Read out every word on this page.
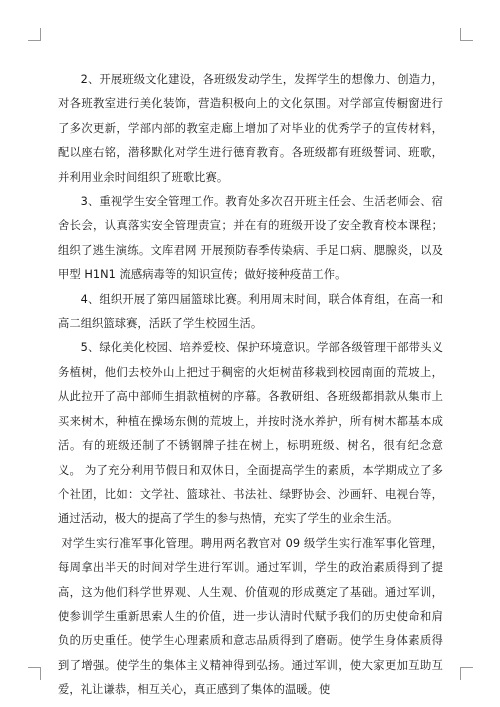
2、开展班级文化建设，各班级发动学生，发挥学生的想像力、创造力，对各班教室进行美化装饰，营造积极向上的文化氛围。对学部宣传橱窗进行了多次更新，学部内部的教室走廊上增加了对毕业的优秀学子的宣传材料，配以座右铭，潜移默化对学生进行德育教育。各班级都有班级誓词、班歌，并利用业余时间组织了班歌比赛。

3、重视学生安全管理工作。教育处多次召开班主任会、生活老师会、宿舍长会，认真落实安全管理责宣；并在有的班级开设了安全教育校本课程；组织了逃生演练。文库君网 开展预防春季传染病、手足口病、腮腺炎，以及甲型 H1N1 流感病毒等的知识宣传；做好接种疫苗工作。

4、组织开展了第四届篮球比赛。利用周末时间，联合体育组，在高一和高二组织篮球赛，活跃了学生校园生活。

5、绿化美化校园、培养爱校、保护环境意识。学部各级管理干部带头义务植树，他们去校外山上把过于稠密的火炬树苗移栽到校园南面的荒坡上，从此拉开了高中部师生捐款植树的序幕。各教研组、各班级都捐款从集市上买来树木，种植在操场东侧的荒坡上，并按时浇水养护，所有树木都基本成活。有的班级还制了不锈钢牌子挂在树上，标明班级、树名，很有纪念意义。 为了充分利用节假日和双休日，全面提高学生的素质，本学期成立了多个社团，比如：文学社、篮球社、书法社、绿野协会、沙画轩、电视台等，通过活动，极大的提高了学生的参与热情，充实了学生的业余生活。

对学生实行准军事化管理。聘用两名教官对 09 级学生实行准军事化管理，每周拿出半天的时间对学生进行军训。通过军训，学生的政治素质得到了提高，这为他们科学世界观、人生观、价值观的形成奠定了基础。通过军训，使参训学生重新思索人生的价值，进一步认清时代赋予我们的历史使命和肩负的历史重任。使学生心理素质和意志品质得到了磨砺。使学生身体素质得到了增强。使学生的集体主义精神得到弘扬。通过军训，使大家更加互助互爱，礼让谦恭，相互关心，真正感到了集体的温暖。使
